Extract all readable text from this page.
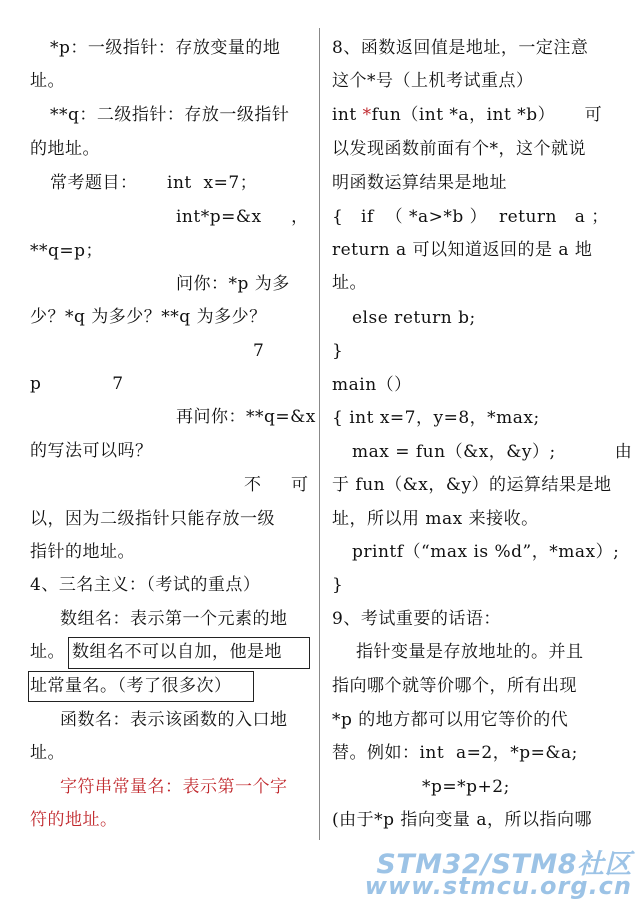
*p：一级指针：存放变量的地
址。
**q：二级指针：存放一级指针
的地址。
常考题目：     int  x=7；
int*p=&x     ，
**q=p；
问你：*p 为多
少？*q 为多少？**q 为多少？
7
p            7
再问你：**q=&x
的写法可以吗？
不     可
以，因为二级指针只能存放一级
指针的地址。
4、三名主义：（考试的重点）
数组名：表示第一个元素的地
址。 数组名不可以自加，他是地
址常量名。（考了很多次）
函数名：表示该函数的入口地
址。
字符串常量名：表示第一个字
符的地址。
8、函数返回值是地址，一定注意
这个*号（上机考试重点）
int *fun（int *a，int *b）     可
以发现函数前面有个*，这个就说
明函数运算结果是地址
{   if  （ *a>*b ）  return   a ；
return a 可以知道返回的是 a 地
址。
else return b;
}
main（）
{ int x=7，y=8，*max;
max = fun（&x，&y）;          由
于 fun（&x，&y）的运算结果是地
址，所以用 max 来接收。
printf（“max is %d”，*max）;
}
9、考试重要的话语：
指针变量是存放地址的。并且
指向哪个就等价哪个，所有出现
*p 的地方都可以用它等价的代
替。例如：int  a=2，*p=&a;
*p=*p+2;
(由于*p 指向变量 a，所以指向哪
STM32/STM8社区
www.stmcu.org.cn
